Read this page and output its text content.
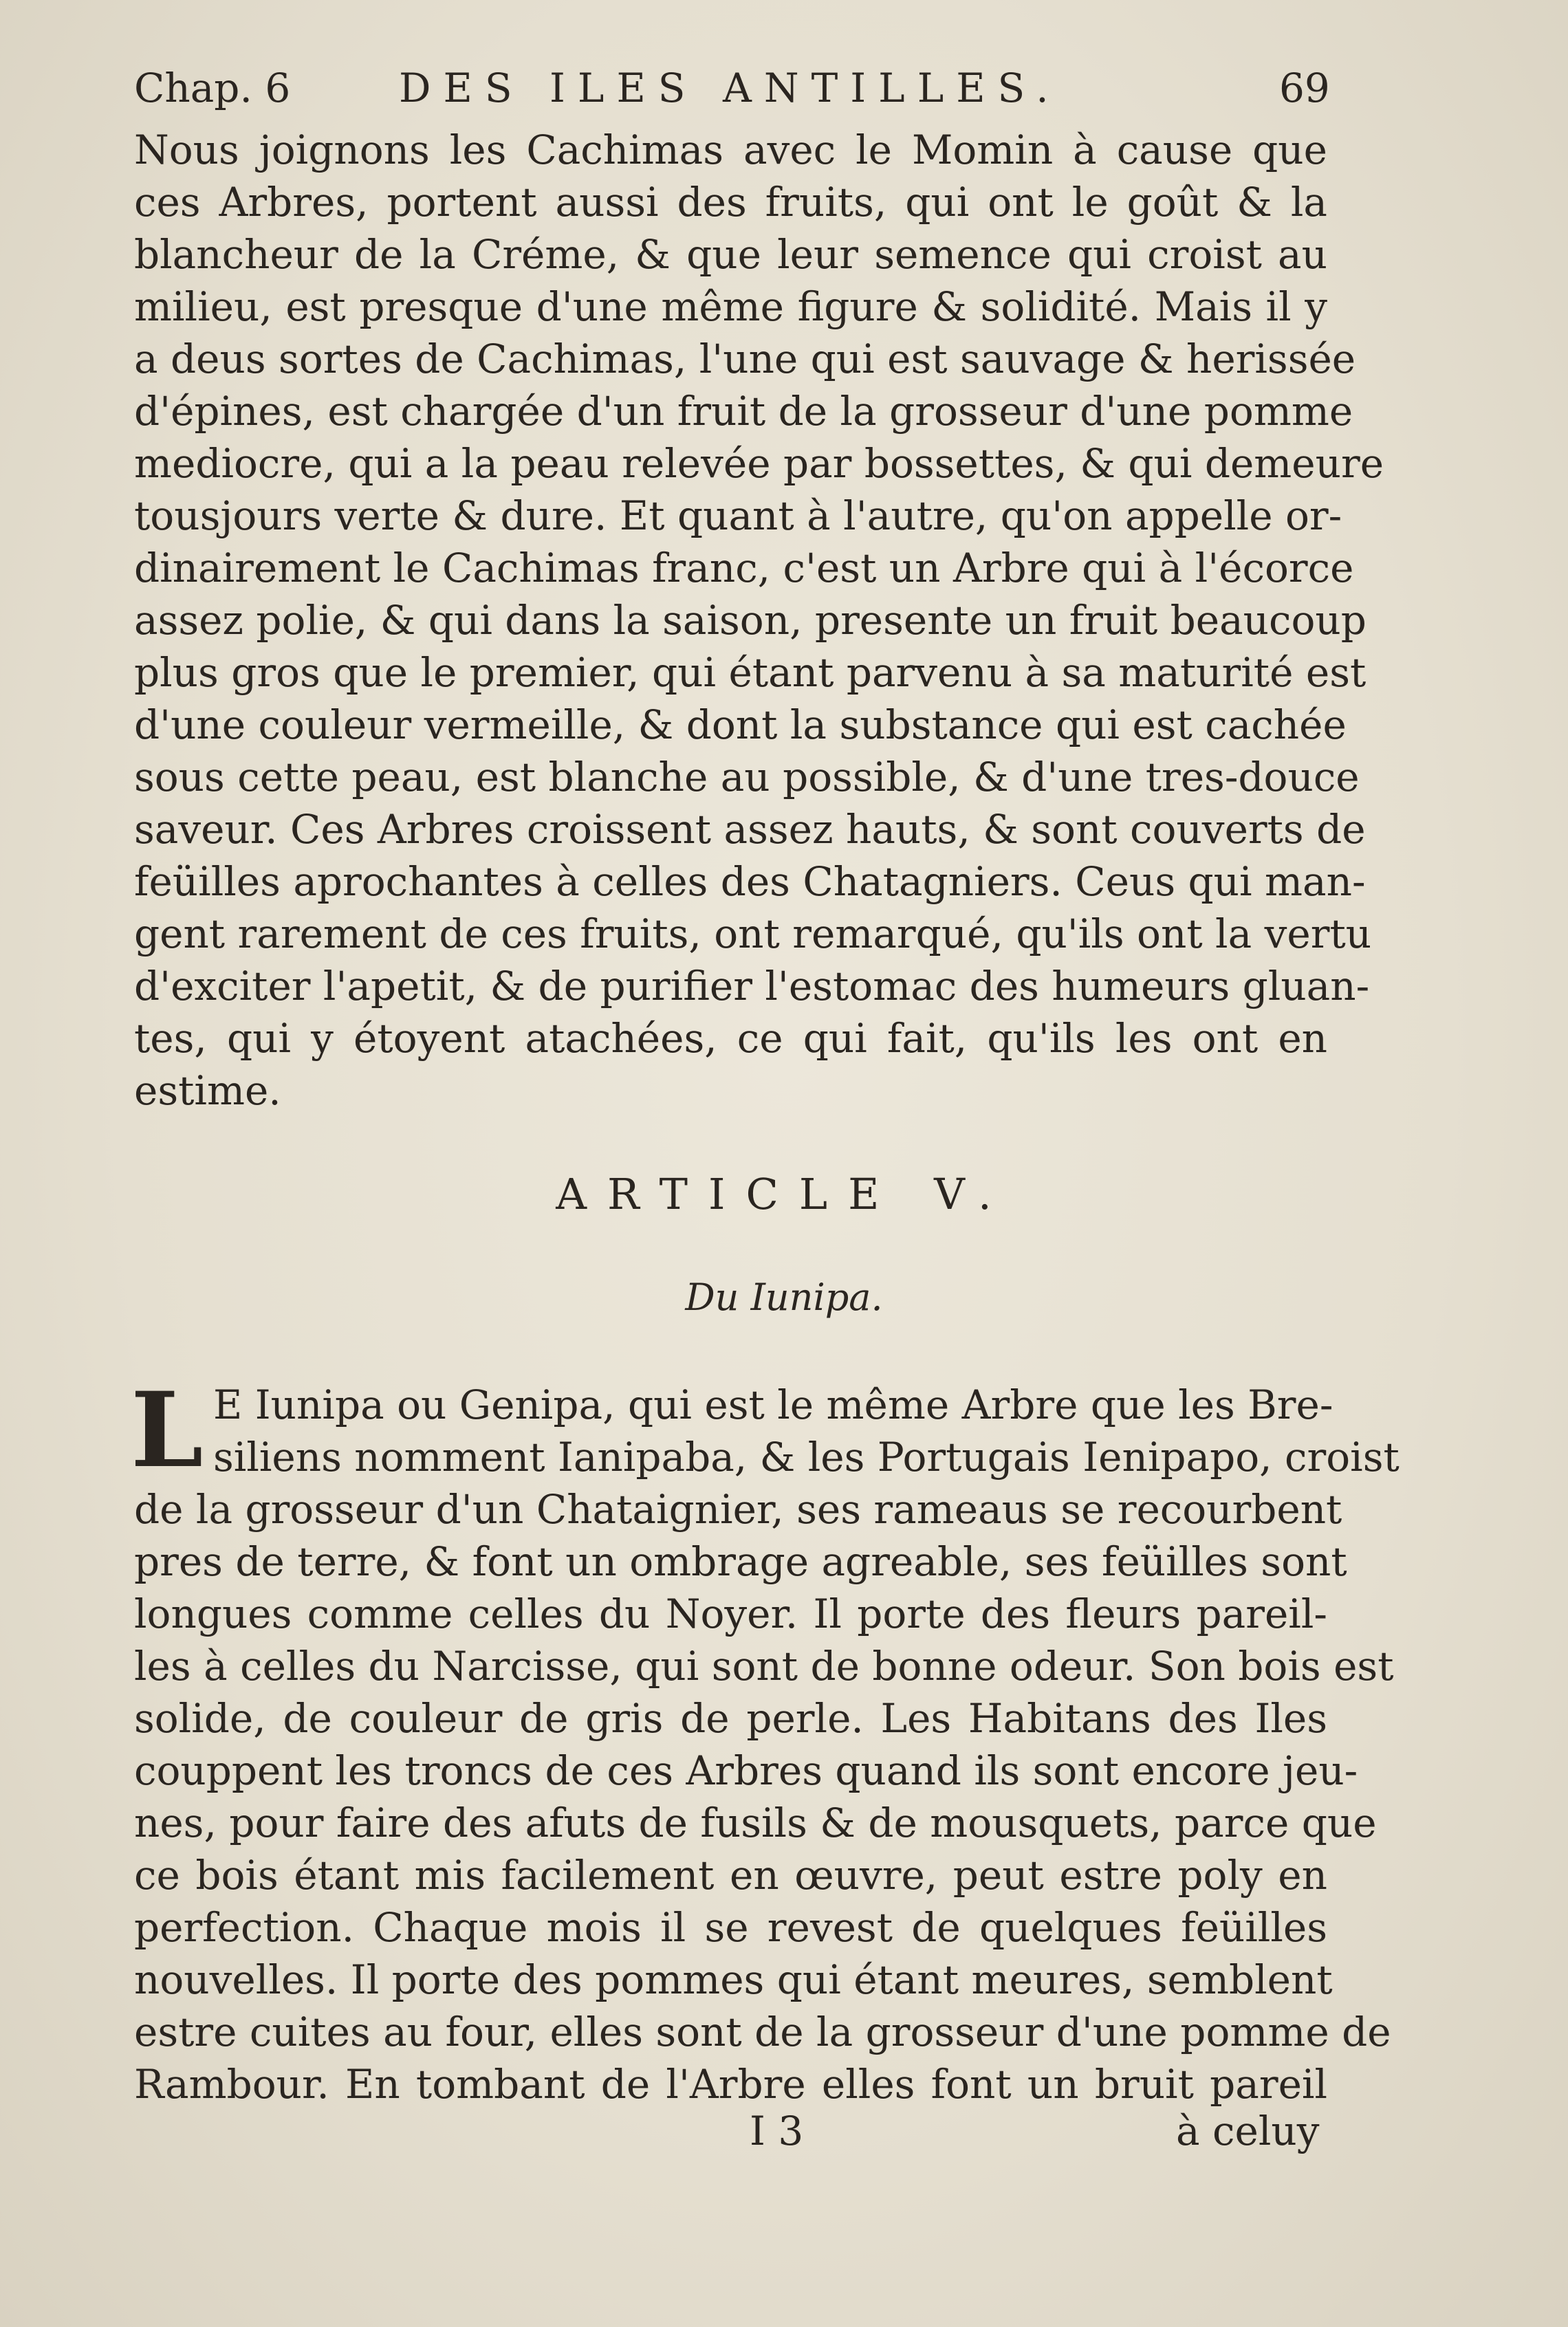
Chap. 6	DES ILES ANTILLES.	69
Nous joignons les Cachimas avec le Momin à cause que
ces Arbres, portent aussi des fruits, qui ont le goût & la
blancheur de la Créme, & que leur semence qui croist au
milieu, est presque d'une même figure & solidité. Mais il y
a deus sortes de Cachimas, l'une qui est sauvage & herissée
d'épines, est chargée d'un fruit de la grosseur d'une pomme
mediocre, qui a la peau relevée par bossettes, & qui demeure
tousjours verte & dure. Et quant à l'autre, qu'on appelle or-
dinairement le Cachimas franc, c'est un Arbre qui à l'écorce
assez polie, & qui dans la saison, presente un fruit beaucoup
plus gros que le premier, qui étant parvenu à sa maturité est
d'une couleur vermeille, & dont la substance qui est cachée
sous cette peau, est blanche au possible, & d'une tres-douce
saveur. Ces Arbres croissent assez hauts, & sont couverts de
feüilles aprochantes à celles des Chatagniers. Ceus qui man-
gent rarement de ces fruits, ont remarqué, qu'ils ont la vertu
d'exciter l'apetit, & de purifier l'estomac des humeurs gluan-
tes, qui y étoyent atachées, ce qui fait, qu'ils les ont en
estime.
ARTICLE V.
Du Iunipa.
L E Iunipa ou Genipa, qui est le même Arbre que les Bre-
siliens nomment Ianipaba, & les Portugais Ienipapo, croist
de la grosseur d'un Chataignier, ses rameaus se recourbent
pres de terre, & font un ombrage agreable, ses feüilles sont
longues comme celles du Noyer. Il porte des fleurs pareil-
les à celles du Narcisse, qui sont de bonne odeur. Son bois est
solide, de couleur de gris de perle. Les Habitans des Iles
couppent les troncs de ces Arbres quand ils sont encore jeu-
nes, pour faire des afuts de fusils & de mousquets, parce que
ce bois étant mis facilement en œuvre, peut estre poly en
perfection. Chaque mois il se revest de quelques feüilles
nouvelles. Il porte des pommes qui étant meures, semblent
estre cuites au four, elles sont de la grosseur d'une pomme de
Rambour. En tombant de l'Arbre elles font un bruit pareil
I 3	à celuy
